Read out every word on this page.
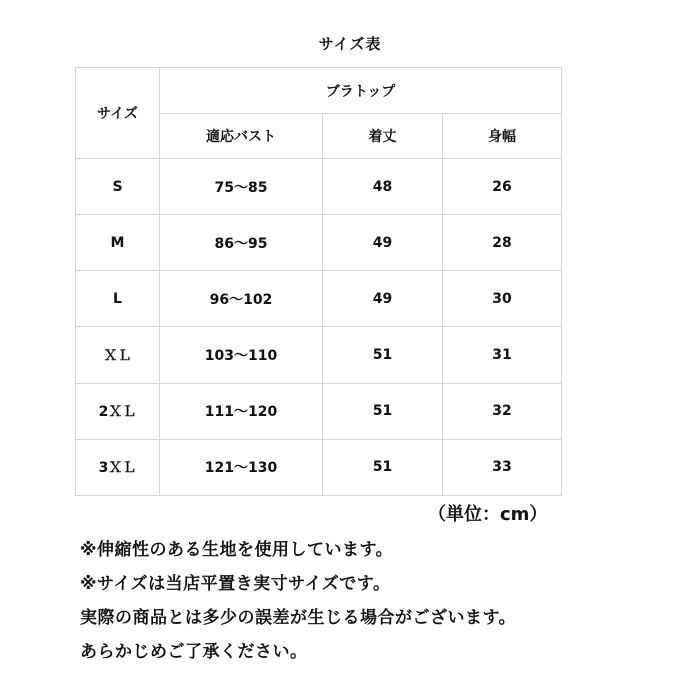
サイズ表
サイズ	ブラトップ		
	適応バスト	着丈	身幅
S	75～85	48	26
M	86～95	49	28
L	96～102	49	30
ＸＬ	103～110	51	31
2ＸＬ	111～120	51	32
3ＸＬ	121～130	51	33
（単位：cm）

※伸縮性のある生地を使用しています。

※サイズは当店平置き実寸サイズです。

実際の商品とは多少の誤差が生じる場合がございます。

あらかじめご了承ください。
